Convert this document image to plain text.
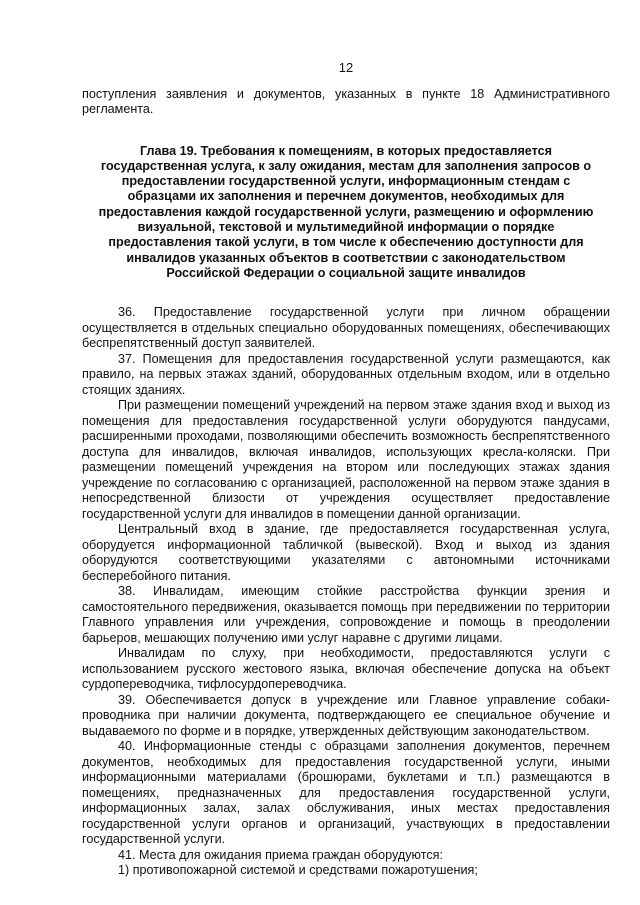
12

поступления заявления и документов, указанных в пункте 18 Административного регламента.

Глава 19. Требования к помещениям, в которых предоставляется государственная услуга, к залу ожидания, местам для заполнения запросов о предоставлении государственной услуги, информационным стендам с образцами их заполнения и перечнем документов, необходимых для предоставления каждой государственной услуги, размещению и оформлению визуальной, текстовой и мультимедийной информации о порядке предоставления такой услуги, в том числе к обеспечению доступности для инвалидов указанных объектов в соответствии с законодательством Российской Федерации о социальной защите инвалидов

36. Предоставление государственной услуги при личном обращении осуществляется в отдельных специально оборудованных помещениях, обеспечивающих беспрепятственный доступ заявителей.

37. Помещения для предоставления государственной услуги размещаются, как правило, на первых этажах зданий, оборудованных отдельным входом, или в отдельно стоящих зданиях.

При размещении помещений учреждений на первом этаже здания вход и выход из помещения для предоставления государственной услуги оборудуются пандусами, расширенными проходами, позволяющими обеспечить возможность беспрепятственного доступа для инвалидов, включая инвалидов, использующих кресла-коляски. При размещении помещений учреждения на втором или последующих этажах здания учреждение по согласованию с организацией, расположенной на первом этаже здания в непосредственной близости от учреждения осуществляет предоставление государственной услуги для инвалидов в помещении данной организации.

Центральный вход в здание, где предоставляется государственная услуга, оборудуется информационной табличкой (вывеской). Вход и выход из здания оборудуются соответствующими указателями с автономными источниками бесперебойного питания.

38. Инвалидам, имеющим стойкие расстройства функции зрения и самостоятельного передвижения, оказывается помощь при передвижении по территории Главного управления или учреждения, сопровождение и помощь в преодолении барьеров, мешающих получению ими услуг наравне с другими лицами.

Инвалидам по слуху, при необходимости, предоставляются услуги с использованием русского жестового языка, включая обеспечение допуска на объект сурдопереводчика, тифлосурдопереводчика.

39. Обеспечивается допуск в учреждение или Главное управление собаки-проводника при наличии документа, подтверждающего ее специальное обучение и выдаваемого по форме и в порядке, утвержденных действующим законодательством.

40. Информационные стенды с образцами заполнения документов, перечнем документов, необходимых для предоставления государственной услуги, иными информационными материалами (брошюрами, буклетами и т.п.) размещаются в помещениях, предназначенных для предоставления государственной услуги, информационных залах, залах обслуживания, иных местах предоставления государственной услуги органов и организаций, участвующих в предоставлении государственной услуги.

41. Места для ожидания приема граждан оборудуются:

1) противопожарной системой и средствами пожаротушения;
